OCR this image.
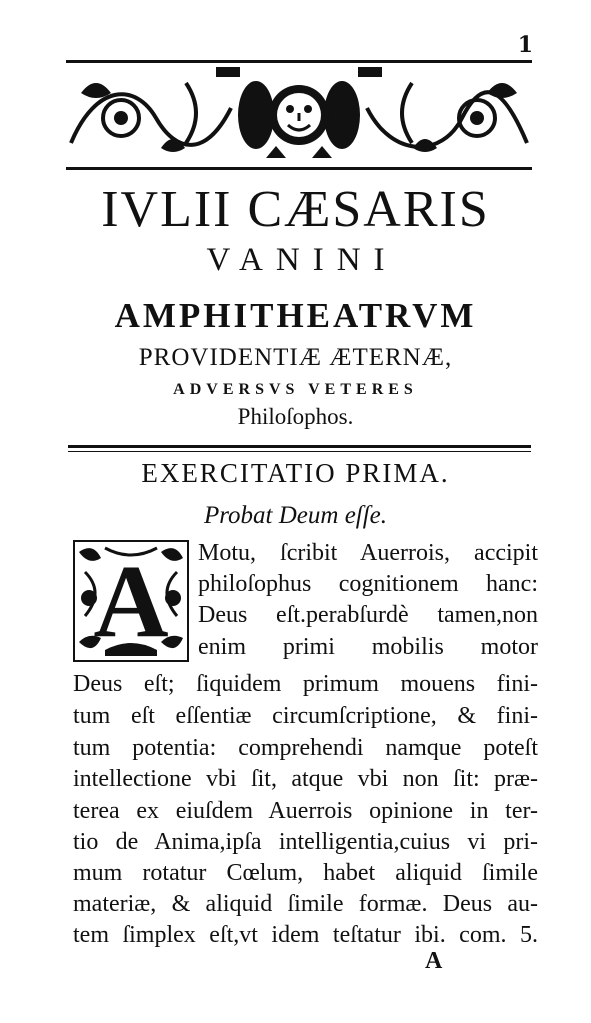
1
IVLII CÆSARIS
VANINI
AMPHITHEATRVM
PROVIDENTIÆ ÆTERNÆ,
ADVERSVS VETERES
Philoſophos.
EXERCITATIO PRIMA.
Probat Deum eſſe.
A	Motu, ſcribit Auerrois, accipit
philoſophus cognitionem hanc:
Deus eſt.perabſurdè tamen,non
enim primi mobilis motor
Deus eſt; ſiquidem primum mouens fini-
tum eſt eſſentiæ circumſcriptione, & fini-
tum potentia: comprehendi namque poteſt
intellectione vbi ſit, atque vbi non ſit: præ-
terea ex eiuſdem Auerrois opinione in ter-
tio de Anima,ipſa intelligentia,cuius vi pri-
mum rotatur Cœlum, habet aliquid ſimile
materiæ, & aliquid ſimile formæ. Deus au-
tem ſimplex eſt,vt idem teſtatur ibi. com. 5.
A
